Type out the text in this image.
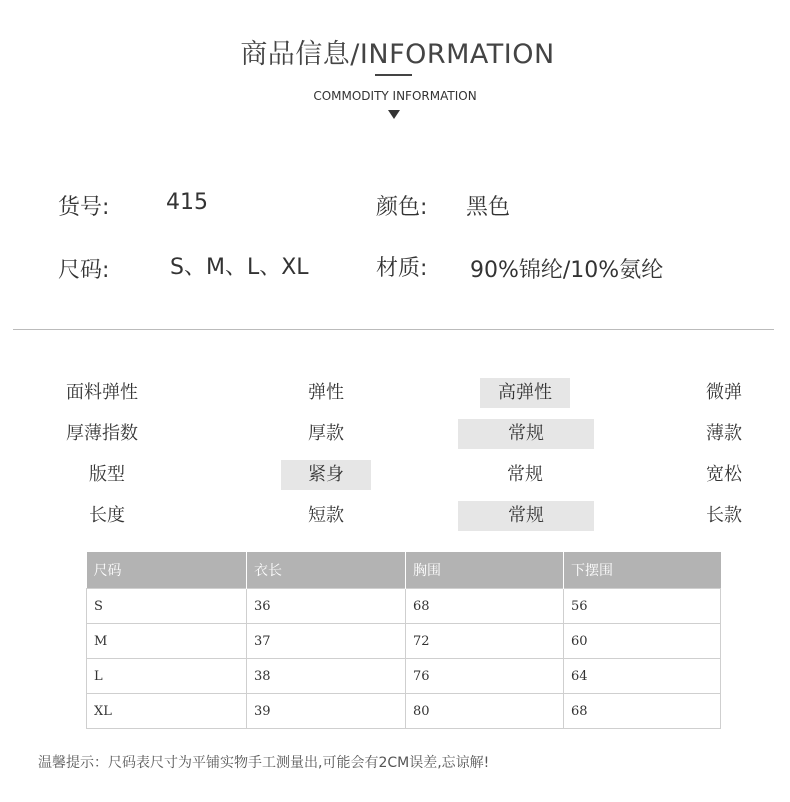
商品信息/INFORMATION
COMMODITY INFORMATION
货号:	415	颜色: 黑色
尺码:	S、M、L、XL	材质: 90%锦纶/10%氨纶
面料弹性	弹性	高弹性	微弹
厚薄指数	厚款	常规	薄款
版型	紧身	常规	宽松
长度	短款	常规	长款
尺码	衣长	胸围	下摆围
S	36	68	56
M	37	72	60
L	38	76	64
XL	39	80	68
温馨提示：尺码表尺寸为平铺实物手工测量出,可能会有2CM误差,忘谅解!
